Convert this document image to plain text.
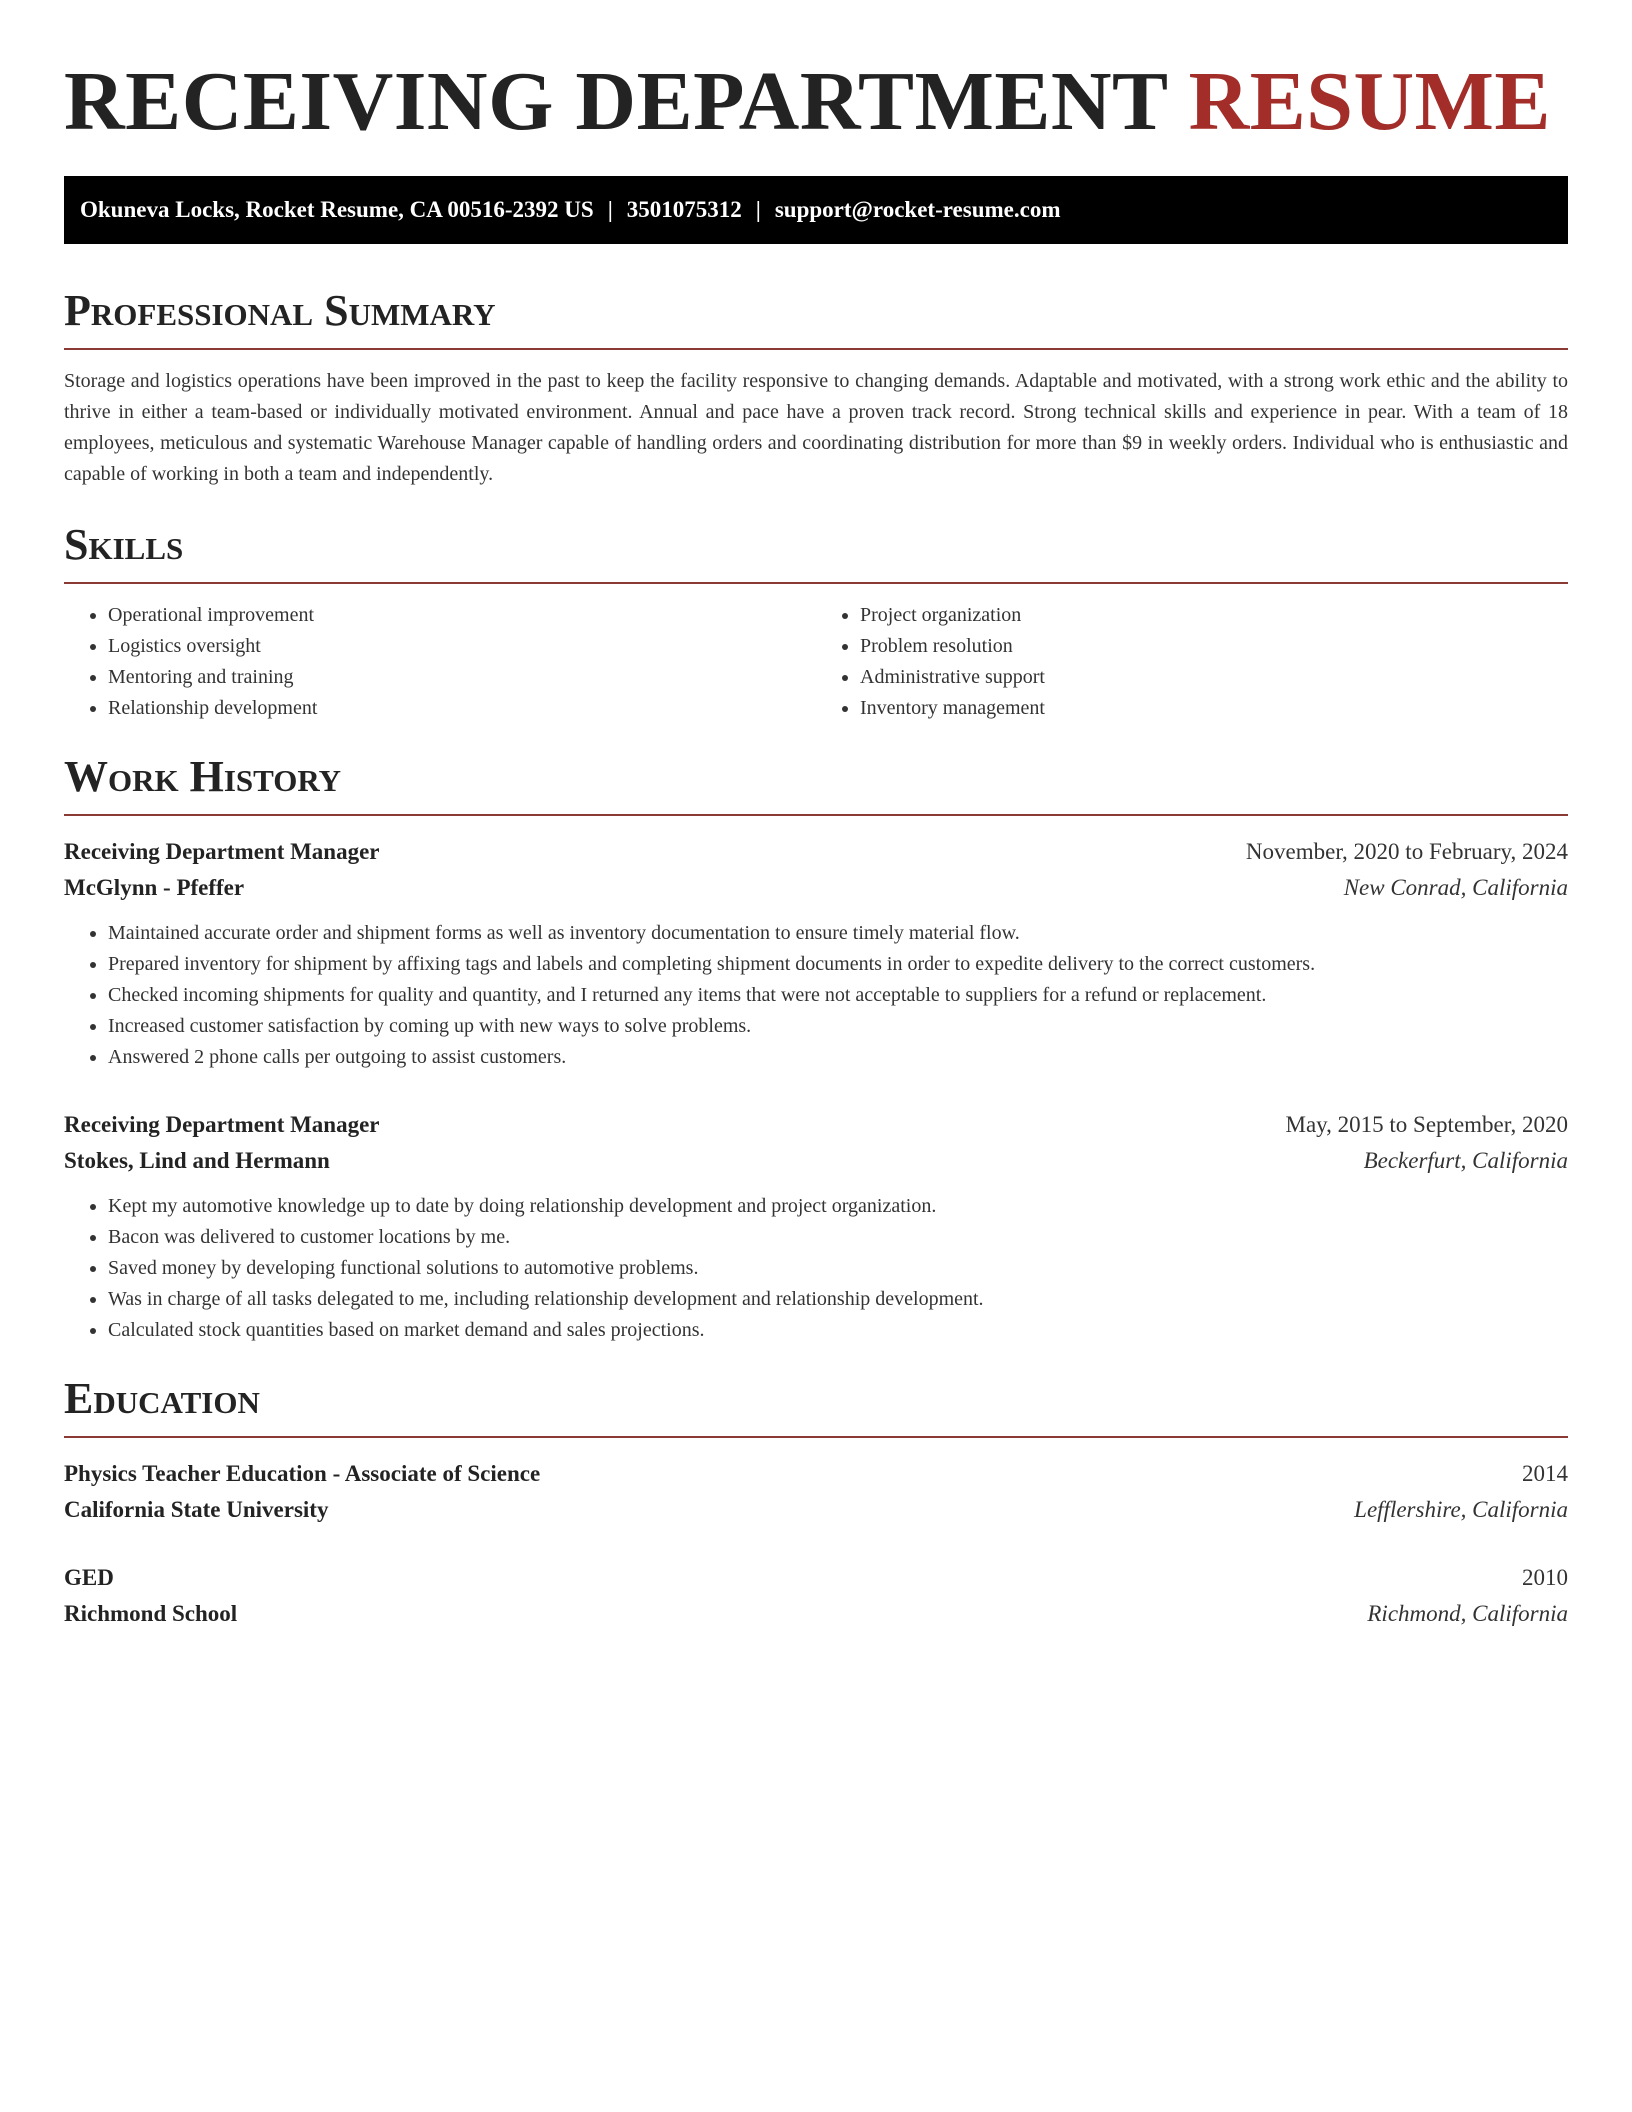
RECEIVING DEPARTMENT RESUME
Okuneva Locks, Rocket Resume, CA 00516-2392 US | 3501075312 | support@rocket-resume.com
Professional Summary

Storage and logistics operations have been improved in the past to keep the facility responsive to changing demands. Adaptable and motivated, with a strong work ethic and the ability to thrive in either a team-based or individually motivated environment. Annual and pace have a proven track record. Strong technical skills and experience in pear. With a team of 18 employees, meticulous and systematic Warehouse Manager capable of handling orders and coordinating distribution for more than $9 in weekly orders. Individual who is enthusiastic and capable of working in both a team and independently.

Skills
• Operational improvement
• Logistics oversight
• Mentoring and training
• Relationship development
• Project organization
• Problem resolution
• Administrative support
• Inventory management
Work History
Receiving Department Manager	November, 2020 to February, 2024
McGlynn - Pfeffer	New Conrad, California
• Maintained accurate order and shipment forms as well as inventory documentation to ensure timely material flow.
• Prepared inventory for shipment by affixing tags and labels and completing shipment documents in order to expedite delivery to the correct customers.
• Checked incoming shipments for quality and quantity, and I returned any items that were not acceptable to suppliers for a refund or replacement.
• Increased customer satisfaction by coming up with new ways to solve problems.
• Answered 2 phone calls per outgoing to assist customers.
Receiving Department Manager	May, 2015 to September, 2020
Stokes, Lind and Hermann	Beckerfurt, California
• Kept my automotive knowledge up to date by doing relationship development and project organization.
• Bacon was delivered to customer locations by me.
• Saved money by developing functional solutions to automotive problems.
• Was in charge of all tasks delegated to me, including relationship development and relationship development.
• Calculated stock quantities based on market demand and sales projections.
Education
Physics Teacher Education - Associate of Science	2014
California State University	Lefflershire, California
GED	2010
Richmond School	Richmond, California
